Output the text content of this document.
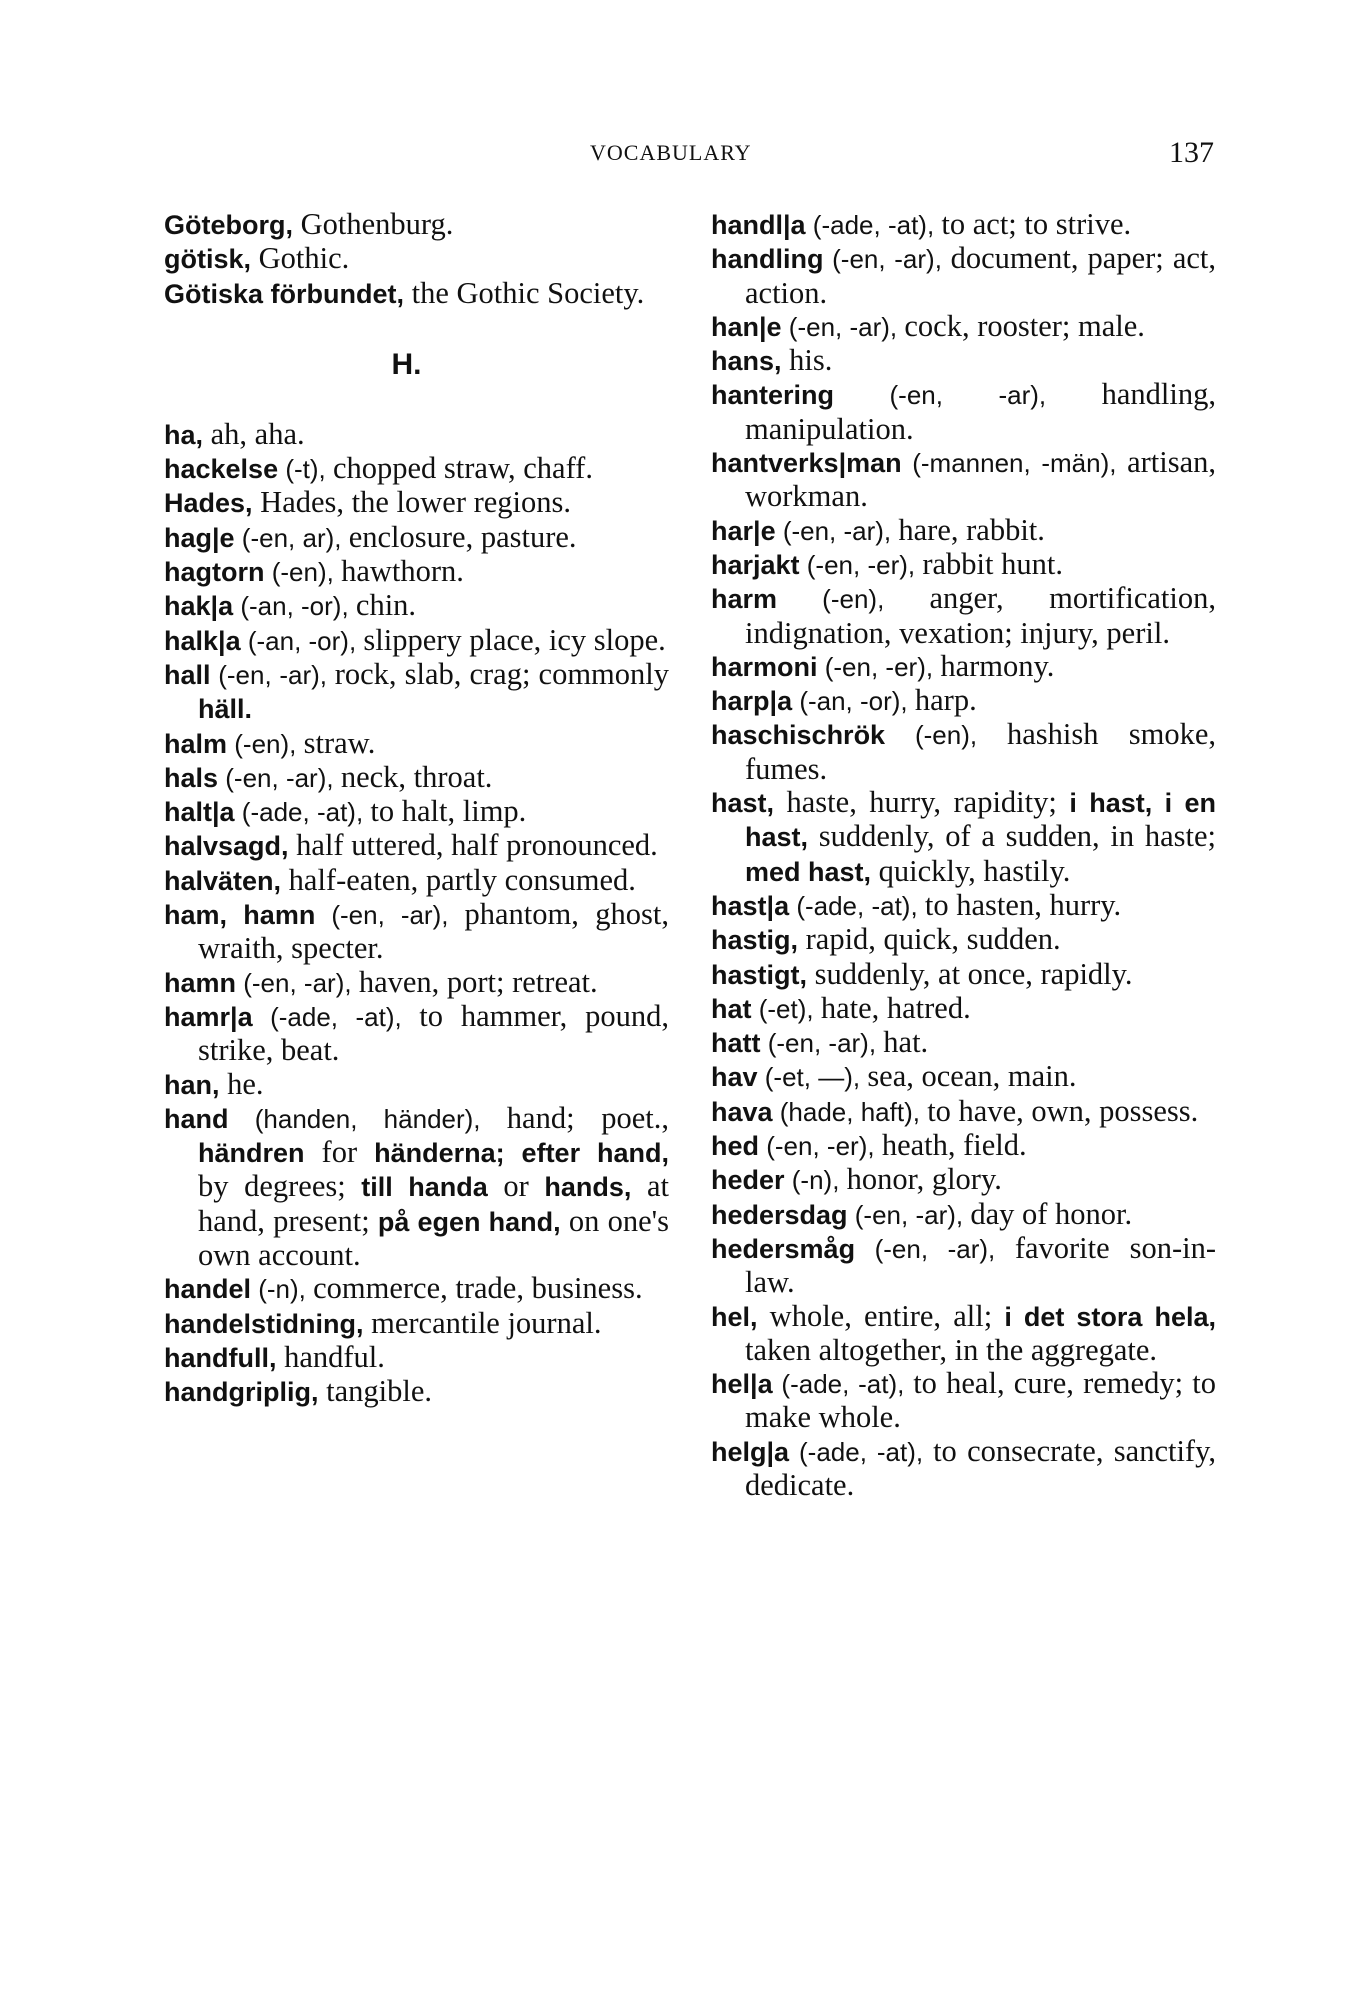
VOCABULARY	137

Göteborg, Gothenburg.

götisk, Gothic.

Götiska förbundet, the Gothic Society.

H.

ha, ah, aha.

hackelse (-t), chopped straw, chaff.

Hades, Hades, the lower regions.

hag|e (-en, ar), enclosure, pasture.

hagtorn (-en), hawthorn.

hak|a (-an, -or), chin.

halk|a (-an, -or), slippery place, icy slope.

hall (-en, -ar), rock, slab, crag; commonly häll.

halm (-en), straw.

hals (-en, -ar), neck, throat.

halt|a (-ade, -at), to halt, limp.

halvsagd, half uttered, half pronounced.

halväten, half-eaten, partly consumed.

ham, hamn (-en, -ar), phantom, ghost, wraith, specter.

hamn (-en, -ar), haven, port; retreat.

hamr|a (-ade, -at), to hammer, pound, strike, beat.

han, he.

hand (handen, händer), hand; poet., händren for händerna; efter hand, by degrees; till handa or hands, at hand, present; på egen hand, on one's own account.

handel (-n), commerce, trade, business.

handelstidning, mercantile journal.

handfull, handful.

handgriplig, tangible.

handl|a (-ade, -at), to act; to strive.

handling (-en, -ar), document, paper; act, action.

han|e (-en, -ar), cock, rooster; male.

hans, his.

hantering (-en, -ar), handling, manipulation.

hantverks|man (-mannen, -män), artisan, workman.

har|e (-en, -ar), hare, rabbit.

harjakt (-en, -er), rabbit hunt.

harm (-en), anger, mortification, indignation, vexation; injury, peril.

harmoni (-en, -er), harmony.

harp|a (-an, -or), harp.

haschischrök (-en), hashish smoke, fumes.

hast, haste, hurry, rapidity; i hast, i en hast, suddenly, of a sudden, in haste; med hast, quickly, hastily.

hast|a (-ade, -at), to hasten, hurry.

hastig, rapid, quick, sudden.

hastigt, suddenly, at once, rapidly.

hat (-et), hate, hatred.

hatt (-en, -ar), hat.

hav (-et, —), sea, ocean, main.

hava (hade, haft), to have, own, possess.

hed (-en, -er), heath, field.

heder (-n), honor, glory.

hedersdag (-en, -ar), day of honor.

hedersmåg (-en, -ar), favorite son-in-law.

hel, whole, entire, all; i det stora hela, taken altogether, in the aggregate.

hel|a (-ade, -at), to heal, cure, remedy; to make whole.

helg|a (-ade, -at), to consecrate, sanctify, dedicate.
